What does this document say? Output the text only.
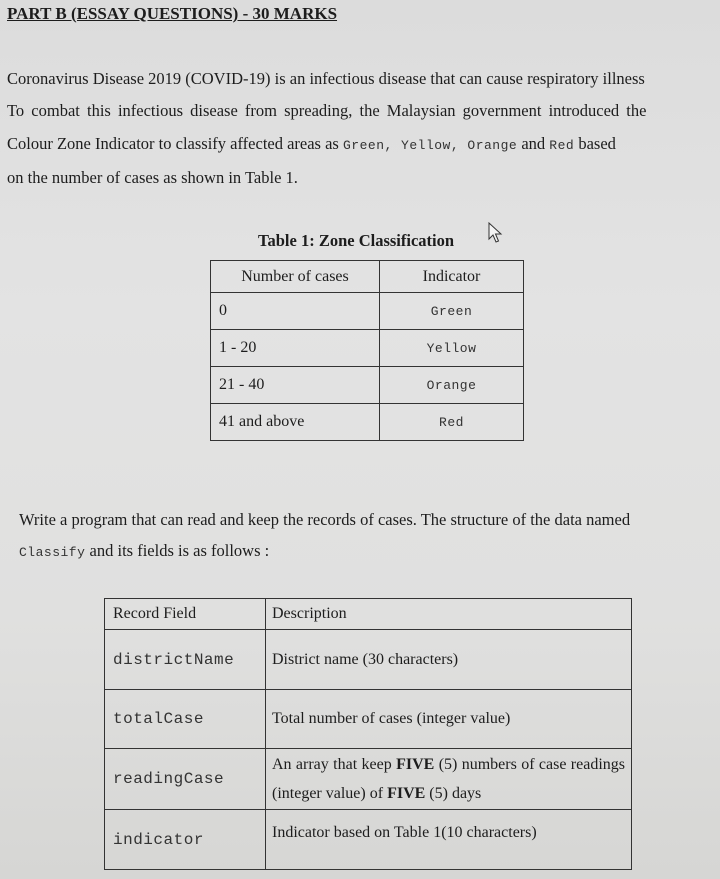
PART B (ESSAY QUESTIONS) - 30 MARKS
Coronavirus Disease 2019 (COVID-19) is an infectious disease that can cause respiratory illness
To combat this infectious disease from spreading, the Malaysian government introduced the
Colour Zone Indicator to classify affected areas as Green, Yellow, Orange and Red based
on the number of cases as shown in Table 1.
Table 1: Zone Classification
Number of cases	Indicator
0	Green
1 - 20	Yellow
21 - 40	Orange
41 and above	Red
Write a program that can read and keep the records of cases. The structure of the data named
Classify and its fields is as follows :
Record Field	Description
districtName	District name (30 characters)
totalCase	Total number of cases (integer value)
readingCase	An array that keep FIVE (5) numbers of case readings (integer value) of FIVE (5) days
indicator	Indicator based on Table 1(10 characters)
